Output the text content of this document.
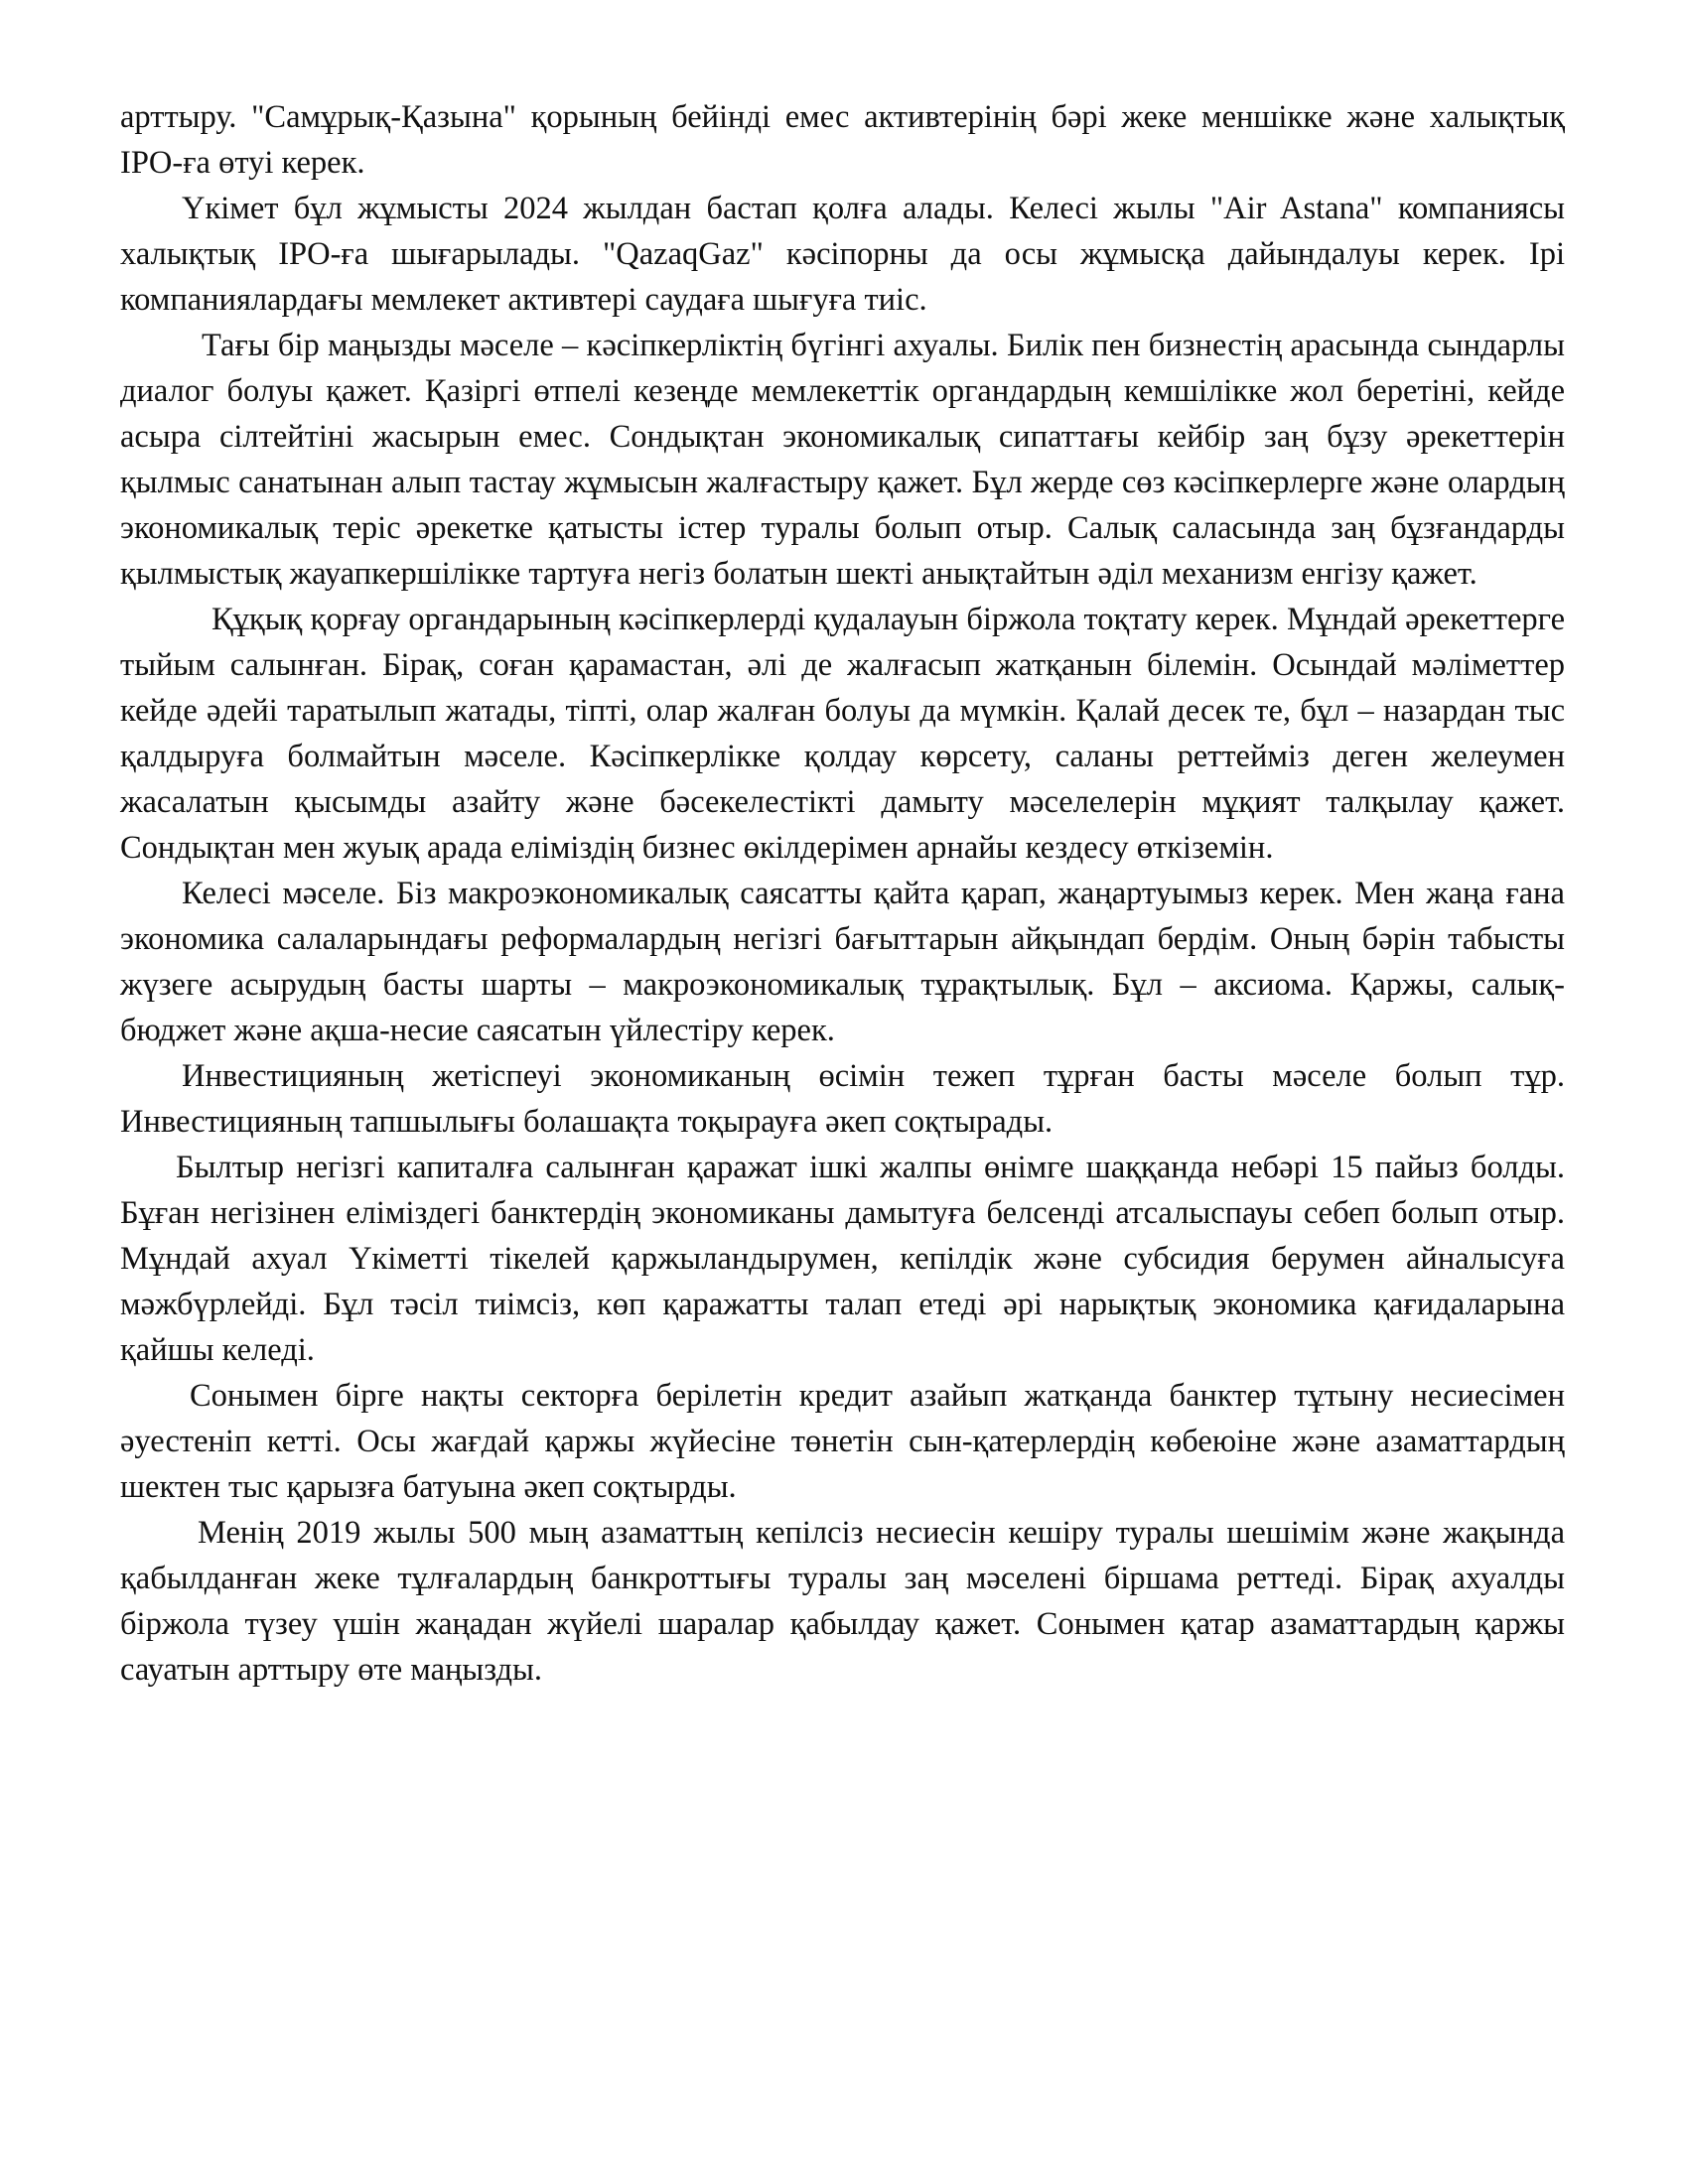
арттыру. "Самұрық-Қазына" қорының бейінді емес активтерінің бәрі жеке меншікке және халықтық IPO-ға өтуі керек.

Үкімет бұл жұмысты 2024 жылдан бастап қолға алады. Келесі жылы "Air Astana" компаниясы халықтық IPO-ға шығарылады. "QazaqGaz" кәсіпорны да осы жұмысқа дайындалуы керек. Ірі компаниялардағы мемлекет активтері саудаға шығуға тиіс.

Тағы бір маңызды мәселе – кәсіпкерліктің бүгінгі ахуалы. Билік пен бизнестің арасында сындарлы диалог болуы қажет. Қазіргі өтпелі кезеңде мемлекеттік органдардың кемшілікке жол беретіні, кейде асыра сілтейтіні жасырын емес. Сондықтан экономикалық сипаттағы кейбір заң бұзу әрекеттерін қылмыс санатынан алып тастау жұмысын жалғастыру қажет. Бұл жерде сөз кәсіпкерлерге және олардың экономикалық теріс әрекетке қатысты істер туралы болып отыр. Салық саласында заң бұзғандарды қылмыстық жауапкершілікке тартуға негіз болатын шекті анықтайтын әділ механизм енгізу қажет.

Құқық қорғау органдарының кәсіпкерлерді қудалауын біржола тоқтату керек. Мұндай әрекеттерге тыйым салынған. Бірақ, соған қарамастан, әлі де жалғасып жатқанын білемін. Осындай мәліметтер кейде әдейі таратылып жатады, тіпті, олар жалған болуы да мүмкін. Қалай десек те, бұл – назардан тыс қалдыруға болмайтын мәселе. Кәсіпкерлікке қолдау көрсету, саланы реттейміз деген желеумен жасалатын қысымды азайту және бәсекелестікті дамыту мәселелерін мұқият талқылау қажет. Сондықтан мен жуық арада еліміздің бизнес өкілдерімен арнайы кездесу өткіземін.

Келесі мәселе. Біз макроэкономикалық саясатты қайта қарап, жаңартуымыз керек. Мен жаңа ғана экономика салаларындағы реформалардың негізгі бағыттарын айқындап бердім. Оның бәрін табысты жүзеге асырудың басты шарты – макроэкономикалық тұрақтылық. Бұл – аксиома. Қаржы, салық-бюджет және ақша-несие саясатын үйлестіру керек.

Инвестицияның жетіспеуі экономиканың өсімін тежеп тұрған басты мәселе болып тұр. Инвестицияның тапшылығы болашақта тоқырауға әкеп соқтырады.

Былтыр негізгі капиталға салынған қаражат ішкі жалпы өнімге шаққанда небәрі 15 пайыз болды. Бұған негізінен еліміздегі банктердің экономиканы дамытуға белсенді атсалыспауы себеп болып отыр. Мұндай ахуал Үкіметті тікелей қаржыландырумен, кепілдік және субсидия берумен айналысуға мәжбүрлейді. Бұл тәсіл тиімсіз, көп қаражатты талап етеді әрі нарықтық экономика қағидаларына қайшы келеді.

Сонымен бірге нақты секторға берілетін кредит азайып жатқанда банктер тұтыну несиесімен әуестеніп кетті. Осы жағдай қаржы жүйесіне төнетін сын-қатерлердің көбеюіне және азаматтардың шектен тыс қарызға батуына әкеп соқтырды.

Менің 2019 жылы 500 мың азаматтың кепілсіз несиесін кешіру туралы шешімім және жақында қабылданған жеке тұлғалардың банкроттығы туралы заң мәселені біршама реттеді. Бірақ ахуалды біржола түзеу үшін жаңадан жүйелі шаралар қабылдау қажет. Сонымен қатар азаматтардың қаржы сауатын арттыру өте маңызды.
